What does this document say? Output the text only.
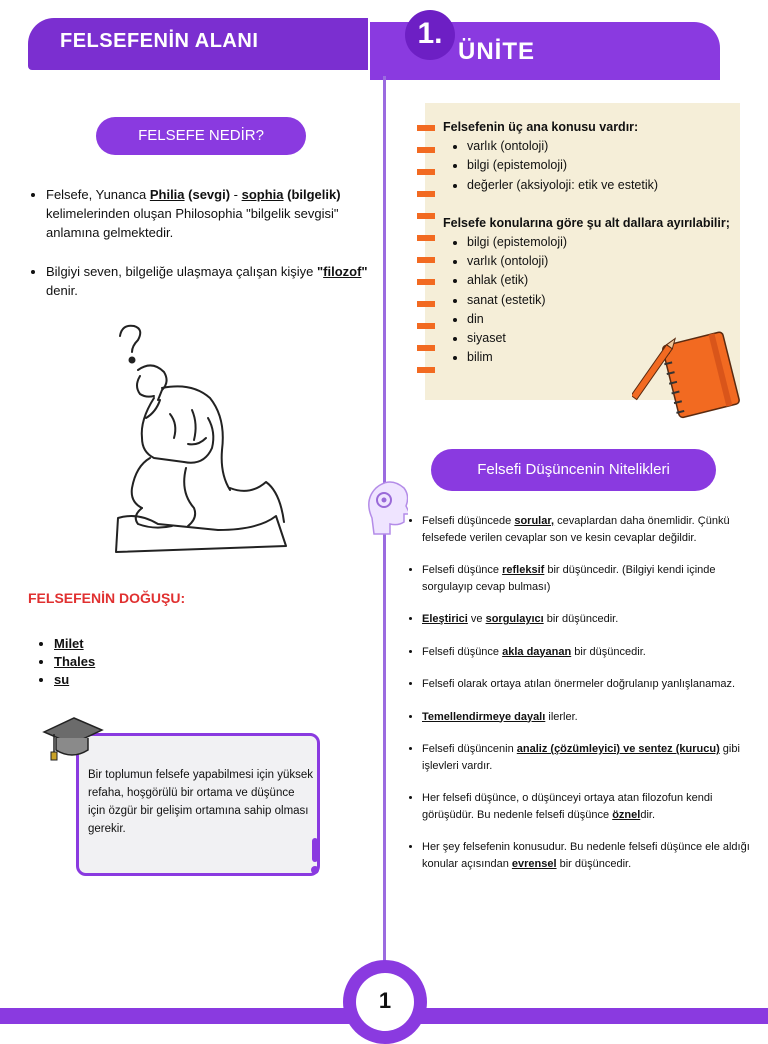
FELSEFENİN ALANI	1.
ÜNİTE
FELSEFE NEDİR?
• Felsefe, Yunanca Philia (sevgi) - sophia (bilgelik) kelimelerinden oluşan Philosophia "bilgelik sevgisi" anlamına gelmektedir.
• Bilgiyi seven, bilgeliğe ulaşmaya çalışan kişiye "filozof" denir.
FELSEFENİN DOĞUŞU:
• Milet
• Thales
• su
Bir toplumun felsefe yapabilmesi için yüksek refaha, hoşgörülü bir ortama ve düşünce için özgür bir gelişim ortamına sahip olması gerekir.
Felsefenin üç ana konusu vardır:
• varlık (ontoloji)
• bilgi (epistemoloji)
• değerler (aksiyoloji: etik ve estetik)
Felsefe konularına göre şu alt dallara ayırılabilir;
• bilgi (epistemoloji)
• varlık (ontoloji)
• ahlak (etik)
• sanat (estetik)
• din
• siyaset
• bilim
Felsefi Düşüncenin Nitelikleri
• Felsefi düşüncede sorular, cevaplardan daha önemlidir. Çünkü felsefede verilen cevaplar son ve kesin cevaplar değildir.
• Felsefi düşünce refleksif bir düşüncedir. (Bilgiyi kendi içinde sorgulayıp cevap bulması)
• Eleştirici ve sorgulayıcı bir düşüncedir.
• Felsefi düşünce akla dayanan bir düşüncedir.
• Felsefi olarak ortaya atılan önermeler doğrulanıp yanlışlanamaz.
• Temellendirmeye dayalı ilerler.
• Felsefi düşüncenin analiz (çözümleyici) ve sentez (kurucu) gibi işlevleri vardır.
• Her felsefi düşünce, o düşünceyi ortaya atan filozofun kendi görüşüdür. Bu nedenle felsefi düşünce özneldir.
• Her şey felsefenin konusudur. Bu nedenle felsefi düşünce ele aldığı konular açısından evrensel bir düşüncedir.
1
